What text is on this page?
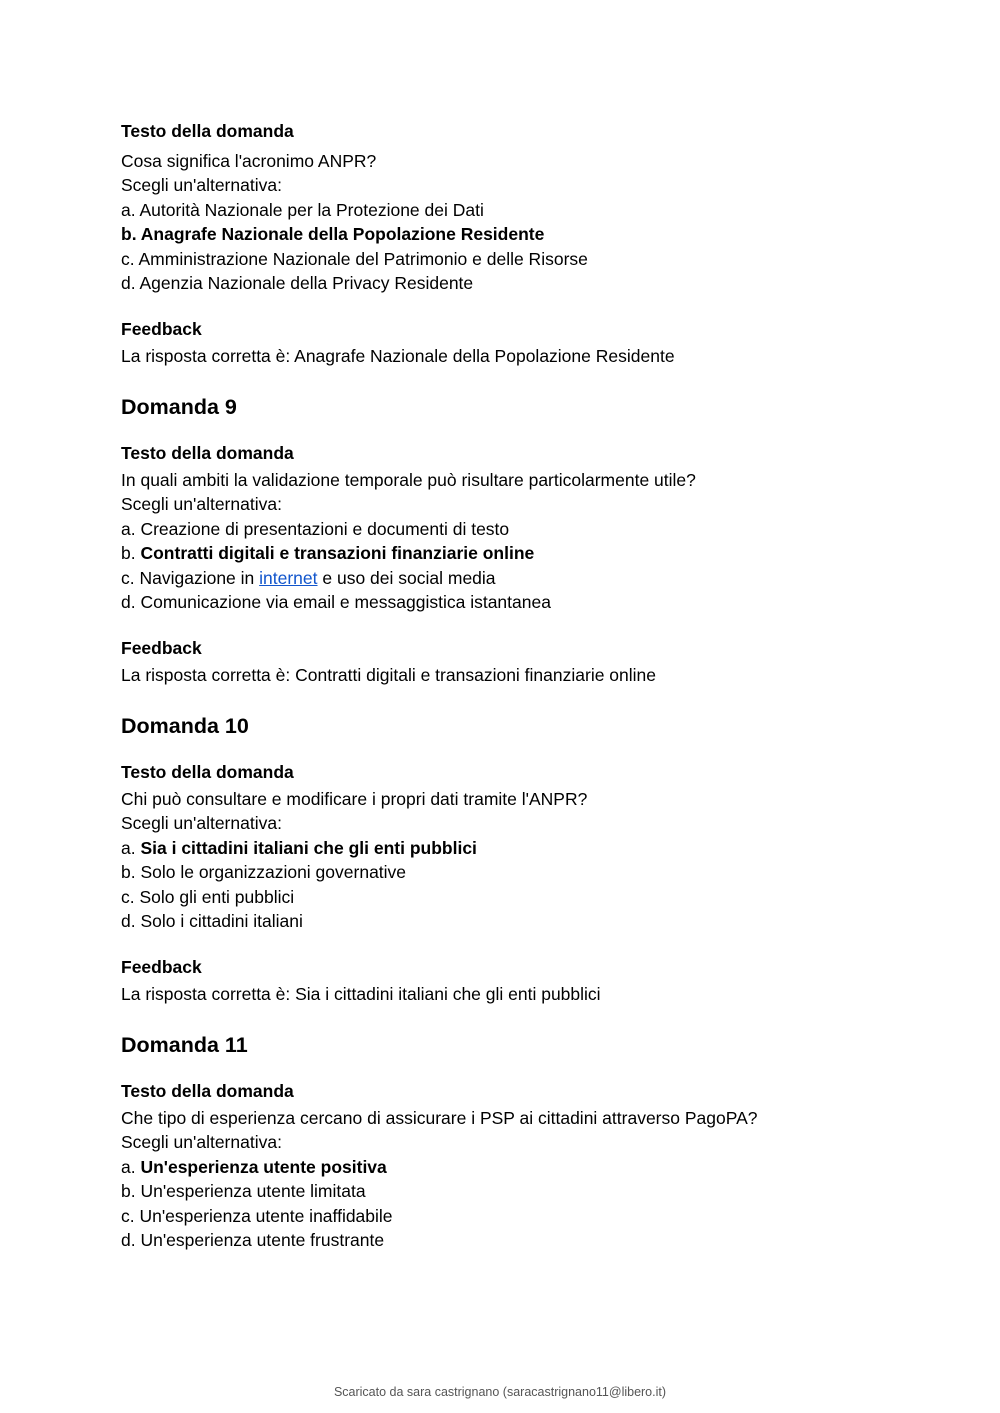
Testo della domanda

Cosa significa l'acronimo ANPR?

Scegli un'alternativa:

a. Autorità Nazionale per la Protezione dei Dati

b. Anagrafe Nazionale della Popolazione Residente

c. Amministrazione Nazionale del Patrimonio e delle Risorse

d. Agenzia Nazionale della Privacy Residente

Feedback

La risposta corretta è: Anagrafe Nazionale della Popolazione Residente

Domanda 9

Testo della domanda

In quali ambiti la validazione temporale può risultare particolarmente utile?

Scegli un'alternativa:

a. Creazione di presentazioni e documenti di testo

b. Contratti digitali e transazioni finanziarie online

c. Navigazione in internet e uso dei social media

d. Comunicazione via email e messaggistica istantanea

Feedback

La risposta corretta è: Contratti digitali e transazioni finanziarie online

Domanda 10

Testo della domanda

Chi può consultare e modificare i propri dati tramite l'ANPR?

Scegli un'alternativa:

a. Sia i cittadini italiani che gli enti pubblici

b. Solo le organizzazioni governative

c. Solo gli enti pubblici

d. Solo i cittadini italiani

Feedback

La risposta corretta è: Sia i cittadini italiani che gli enti pubblici

Domanda 11

Testo della domanda

Che tipo di esperienza cercano di assicurare i PSP ai cittadini attraverso PagoPA?

Scegli un'alternativa:

a. Un'esperienza utente positiva

b. Un'esperienza utente limitata

c. Un'esperienza utente inaffidabile

d. Un'esperienza utente frustrante

Scaricato da sara castrignano (saracastrignano11@libero.it)
